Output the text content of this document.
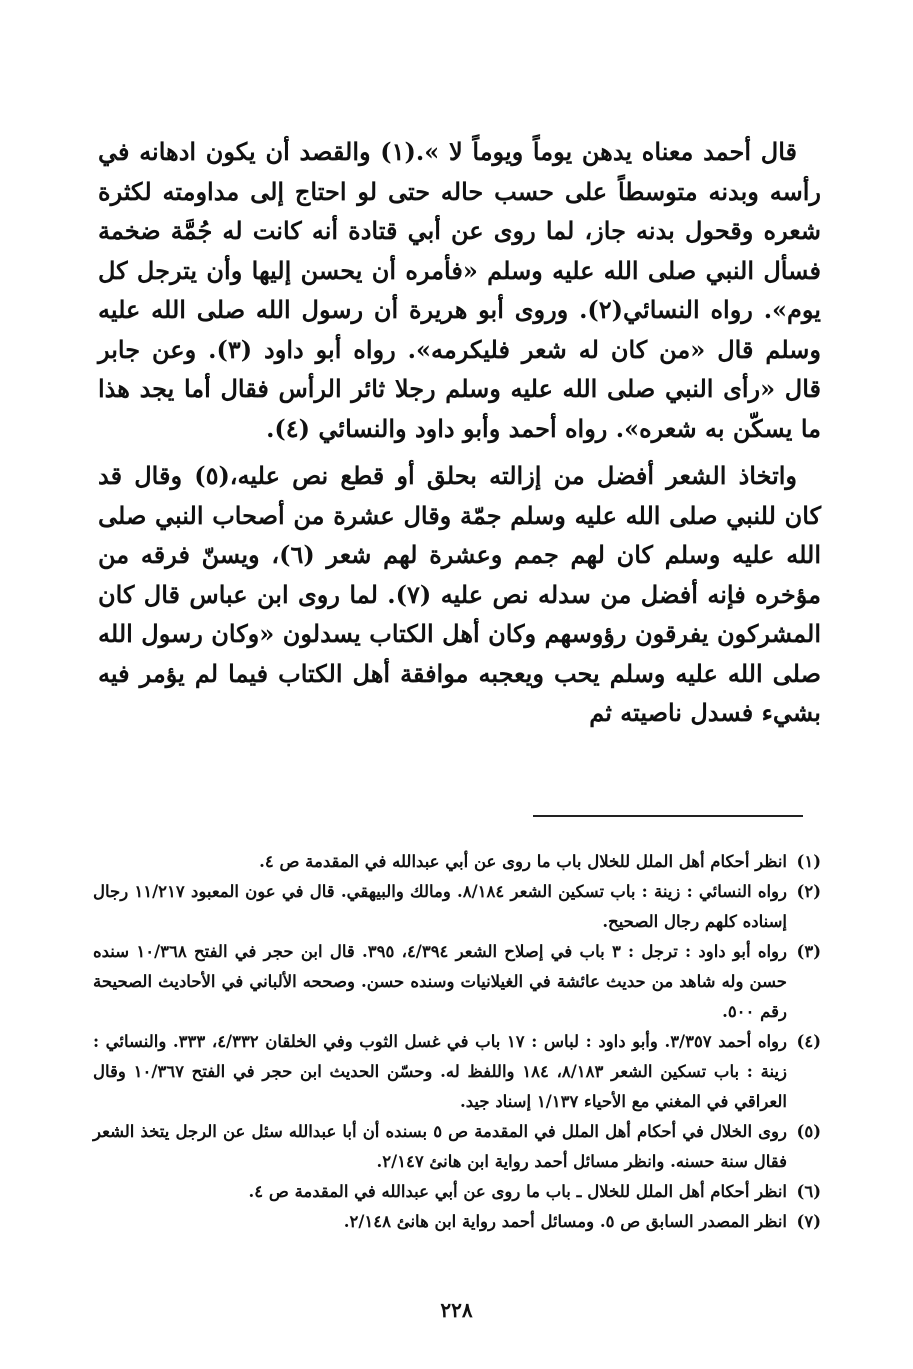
قال أحمد معناه يدهن يوماً ويوماً لا ».(١) والقصد أن يكون ادهانه في رأسه وبدنه متوسطاً على حسب حاله حتى لو احتاج إلى مداومته لكثرة شعره وقحول بدنه جاز، لما روى عن أبي قتادة أنه كانت له جُمَّة ضخمة فسأل النبي صلى الله عليه وسلم «فأمره أن يحسن إليها وأن يترجل كل يوم». رواه النسائي(٢). وروى أبو هريرة أن رسول الله صلى الله عليه وسلم قال «من كان له شعر فليكرمه». رواه أبو داود (٣). وعن جابر قال «رأى النبي صلى الله عليه وسلم رجلا ثائر الرأس فقال أما يجد هذا ما يسكّن به شعره». رواه أحمد وأبو داود والنسائي (٤).

واتخاذ الشعر أفضل من إزالته بحلق أو قطع نص عليه،(٥) وقال قد كان للنبي صلى الله عليه وسلم جمّة وقال عشرة من أصحاب النبي صلى الله عليه وسلم كان لهم جمم وعشرة لهم شعر (٦)، ويسنّ فرقه من مؤخره فإنه أفضل من سدله نص عليه (٧). لما روى ابن عباس قال كان المشركون يفرقون رؤوسهم وكان أهل الكتاب يسدلون «وكان رسول الله صلى الله عليه وسلم يحب ويعجبه موافقة أهل الكتاب فيما لم يؤمر فيه بشيء فسدل ناصيته ثم

(١)
انظر أحكام أهل الملل للخلال باب ما روى عن أبي عبدالله في المقدمة ص ٤.
(٢)
رواه النسائي : زينة : باب تسكين الشعر ٨/١٨٤. ومالك والبيهقي. قال في عون المعبود ١١/٢١٧ رجال إسناده كلهم رجال الصحيح.
(٣)
رواه أبو داود : ترجل : ٣ باب في إصلاح الشعر ٤/٣٩٤، ٣٩٥. قال ابن حجر في الفتح ١٠/٣٦٨ سنده حسن وله شاهد من حديث عائشة في الغيلانيات وسنده حسن. وصححه الألباني في الأحاديث الصحيحة رقم ٥٠٠.
(٤)
رواه أحمد ٣/٣٥٧. وأبو داود : لباس : ١٧ باب في غسل الثوب وفي الخلقان ٤/٣٣٢، ٣٣٣. والنسائي : زينة : باب تسكين الشعر ٨/١٨٣، ١٨٤ واللفظ له. وحسّن الحديث ابن حجر في الفتح ١٠/٣٦٧ وقال العراقي في المغني مع الأحياء ١/١٣٧ إسناد جيد.
(٥)
روى الخلال في أحكام أهل الملل في المقدمة ص ٥ بسنده أن أبا عبدالله سئل عن الرجل يتخذ الشعر فقال سنة حسنه. وانظر مسائل أحمد رواية ابن هانئ ٢/١٤٧.
(٦)
انظر أحكام أهل الملل للخلال ـ باب ما روى عن أبي عبدالله في المقدمة ص ٤.
(٧)
انظر المصدر السابق ص ٥. ومسائل أحمد رواية ابن هانئ ٢/١٤٨.
٢٢٨
